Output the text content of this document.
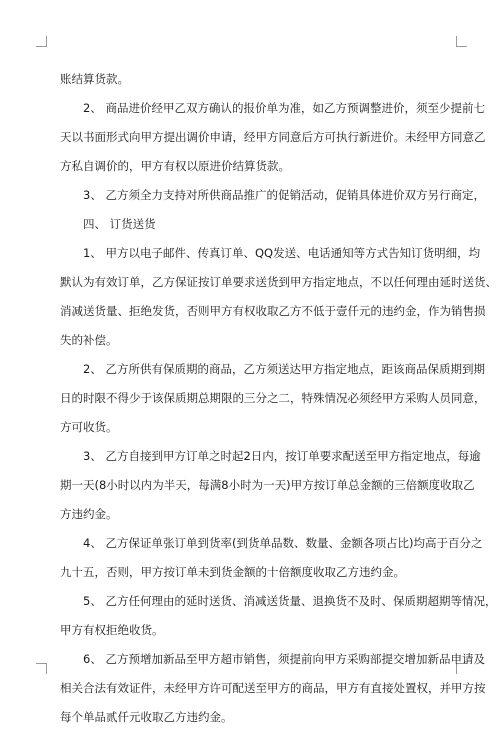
账结算货款。
2、 商品进价经甲乙双方确认的报价单为准，如乙方预调整进价，须至少提前七
天以书面形式向甲方提出调价申请，经甲方同意后方可执行新进价。未经甲方同意乙
方私自调价的，甲方有权以原进价结算货款。
3、 乙方须全力支持对所供商品推广的促销活动，促销具体进价双方另行商定，
四、 订货送货
1、 甲方以电子邮件、传真订单、QQ发送、电话通知等方式告知订货明细，均
默认为有效订单，乙方保证按订单要求送货到甲方指定地点，不以任何理由延时送货、
消减送货量、拒绝发货，否则甲方有权收取乙方不低于壹仟元的违约金，作为销售损
失的补偿。
2、 乙方所供有保质期的商品，乙方须送达甲方指定地点，距该商品保质期到期
日的时限不得少于该保质期总期限的三分之二，特殊情况必须经甲方采购人员同意，
方可收货。
3、 乙方自接到甲方订单之时起2日内，按订单要求配送至甲方指定地点，每逾
期一天(8小时以内为半天，每满8小时为一天)甲方按订单总金额的三倍额度收取乙
方违约金。
4、 乙方保证单张订单到货率(到货单品数、数量、金额各项占比)均高于百分之
九十五，否则，甲方按订单未到货金额的十倍额度收取乙方违约金。
5、 乙方任何理由的延时送货、消减送货量、退换货不及时、保质期超期等情况，
甲方有权拒绝收货。
6、 乙方预增加新品至甲方超市销售，须提前向甲方采购部提交增加新品申请及
相关合法有效证件，未经甲方许可配送至甲方的商品，甲方有直接处置权，并甲方按
每个单品贰仟元收取乙方违约金。
